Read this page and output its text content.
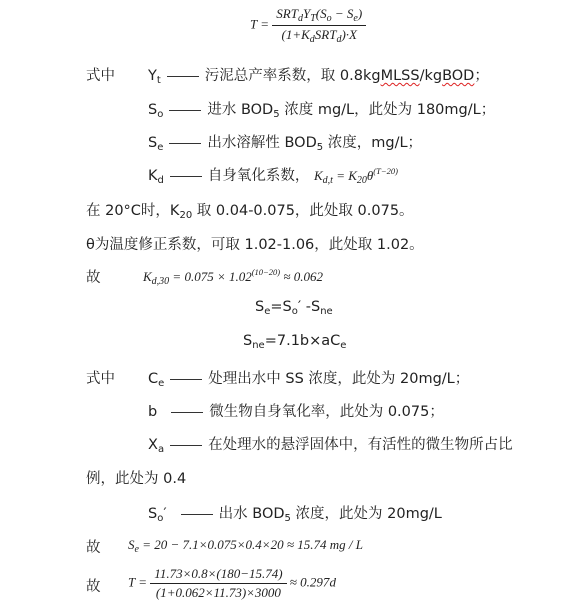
$T = \frac{SRT_dY_T(S_o - S_e)}{(1+K_dSRT_d)\cdot X}$
式中 $Y_t$	污泥总产率系数，取 0.8kgMLSS/kgBOD；
$S_o$	进水 $BOD_5$ 浓度 mg/L，此处为 180mg/L；
$S_e$	出水溶解性 $BOD_5$ 浓度，mg/L；
$K_d$	自身氧化系数， $K_{d,t} = K_{20}\theta^{(T-20)}$
在 20°C时，$K_{20}$ 取 0.04-0.075，此处取 0.075。
θ为温度修正系数，可取 1.02-1.06，此处取 1.02。
故	$K_{d,30} = 0.075 \times 1.02^{(10-20)} \approx 0.062$
$S_e=S_o'$ $-S_{ne}$
$S_{ne}=7.1b\times aC_e$
式中 $C_e$	处理出水中 SS 浓度，此处为 20mg/L；
b	微生物自身氧化率，此处为 0.075；
$X_a$	在处理水的悬浮固体中，有活性的微生物所占比
例，此处为 0.4
$S_o'$	出水 $BOD_5$ 浓度，此处为 20mg/L
故 $S_e = 20 - 7.1\times 0.075\times 0.4\times 20 \approx 15.74$ mg / L
故 $T = \frac{11.73\times 0.8\times(180-15.74)}{(1+0.062\times 11.73)\times 3000} \approx 0.297d$
